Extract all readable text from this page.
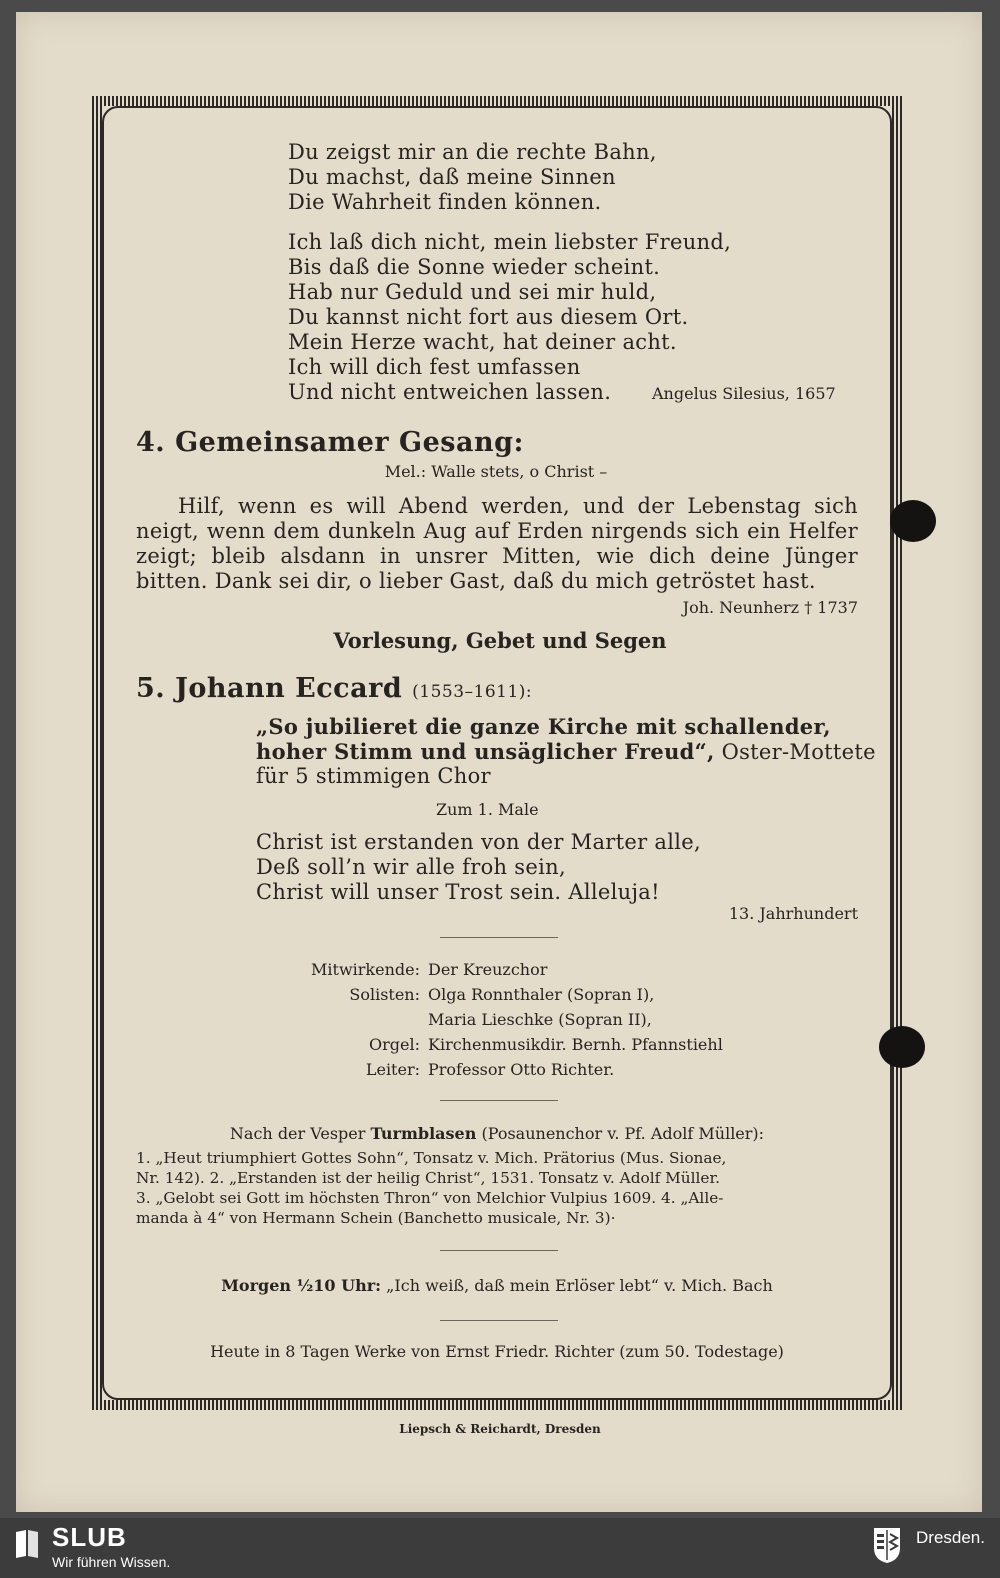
Du zeigst mir an die rechte Bahn,
Du machst, daß meine Sinnen
Die Wahrheit finden können.
Ich laß dich nicht, mein liebster Freund,
Bis daß die Sonne wieder scheint.
Hab nur Geduld und sei mir huld,
Du kannst nicht fort aus diesem Ort.
Mein Herze wacht, hat deiner acht.
Ich will dich fest umfassen
Und nicht entweichen lassen.	Angelus Silesius, 1657
4. Gemeinsamer Gesang:
Mel.: Walle stets, o Christ –
Hilf, wenn es will Abend werden, und der Lebenstag sich neigt, wenn dem dunkeln Aug auf Erden nirgends sich ein Helfer zeigt; bleib alsdann in unsrer Mitten, wie dich deine Jünger bitten. Dank sei dir, o lieber Gast, daß du mich getröstet hast.
Joh. Neunherz † 1737
Vorlesung, Gebet und Segen
5. Johann Eccard (1553–1611):
„So jubilieret die ganze Kirche mit schallender,
hoher Stimm und unsäglicher Freud“, Oster-Mottete
für 5 stimmigen Chor
Zum 1. Male
Christ ist erstanden von der Marter alle,
Deß soll’n wir alle froh sein,
Christ will unser Trost sein. Alleluja!
13. Jahrhundert
Mitwirkende: Der Kreuzchor
Solisten: Olga Ronnthaler (Sopran I),
Maria Lieschke (Sopran II),
Orgel: Kirchenmusikdir. Bernh. Pfannstiehl
Leiter: Professor Otto Richter.
Nach der Vesper Turmblasen (Posaunenchor v. Pf. Adolf Müller):
1. „Heut triumphiert Gottes Sohn“, Tonsatz v. Mich. Prätorius (Mus. Sionae,
Nr. 142). 2. „Erstanden ist der heilig Christ“, 1531. Tonsatz v. Adolf Müller.
3. „Gelobt sei Gott im höchsten Thron“ von Melchior Vulpius 1609. 4. „Alle-
manda à 4“ von Hermann Schein (Banchetto musicale, Nr. 3)·
Morgen ½10 Uhr: „Ich weiß, daß mein Erlöser lebt“ v. Mich. Bach
Heute in 8 Tagen Werke von Ernst Friedr. Richter (zum 50. Todestage)
Liepsch & Reichardt, Dresden
SLUB
Wir führen Wissen.
Dresden.
